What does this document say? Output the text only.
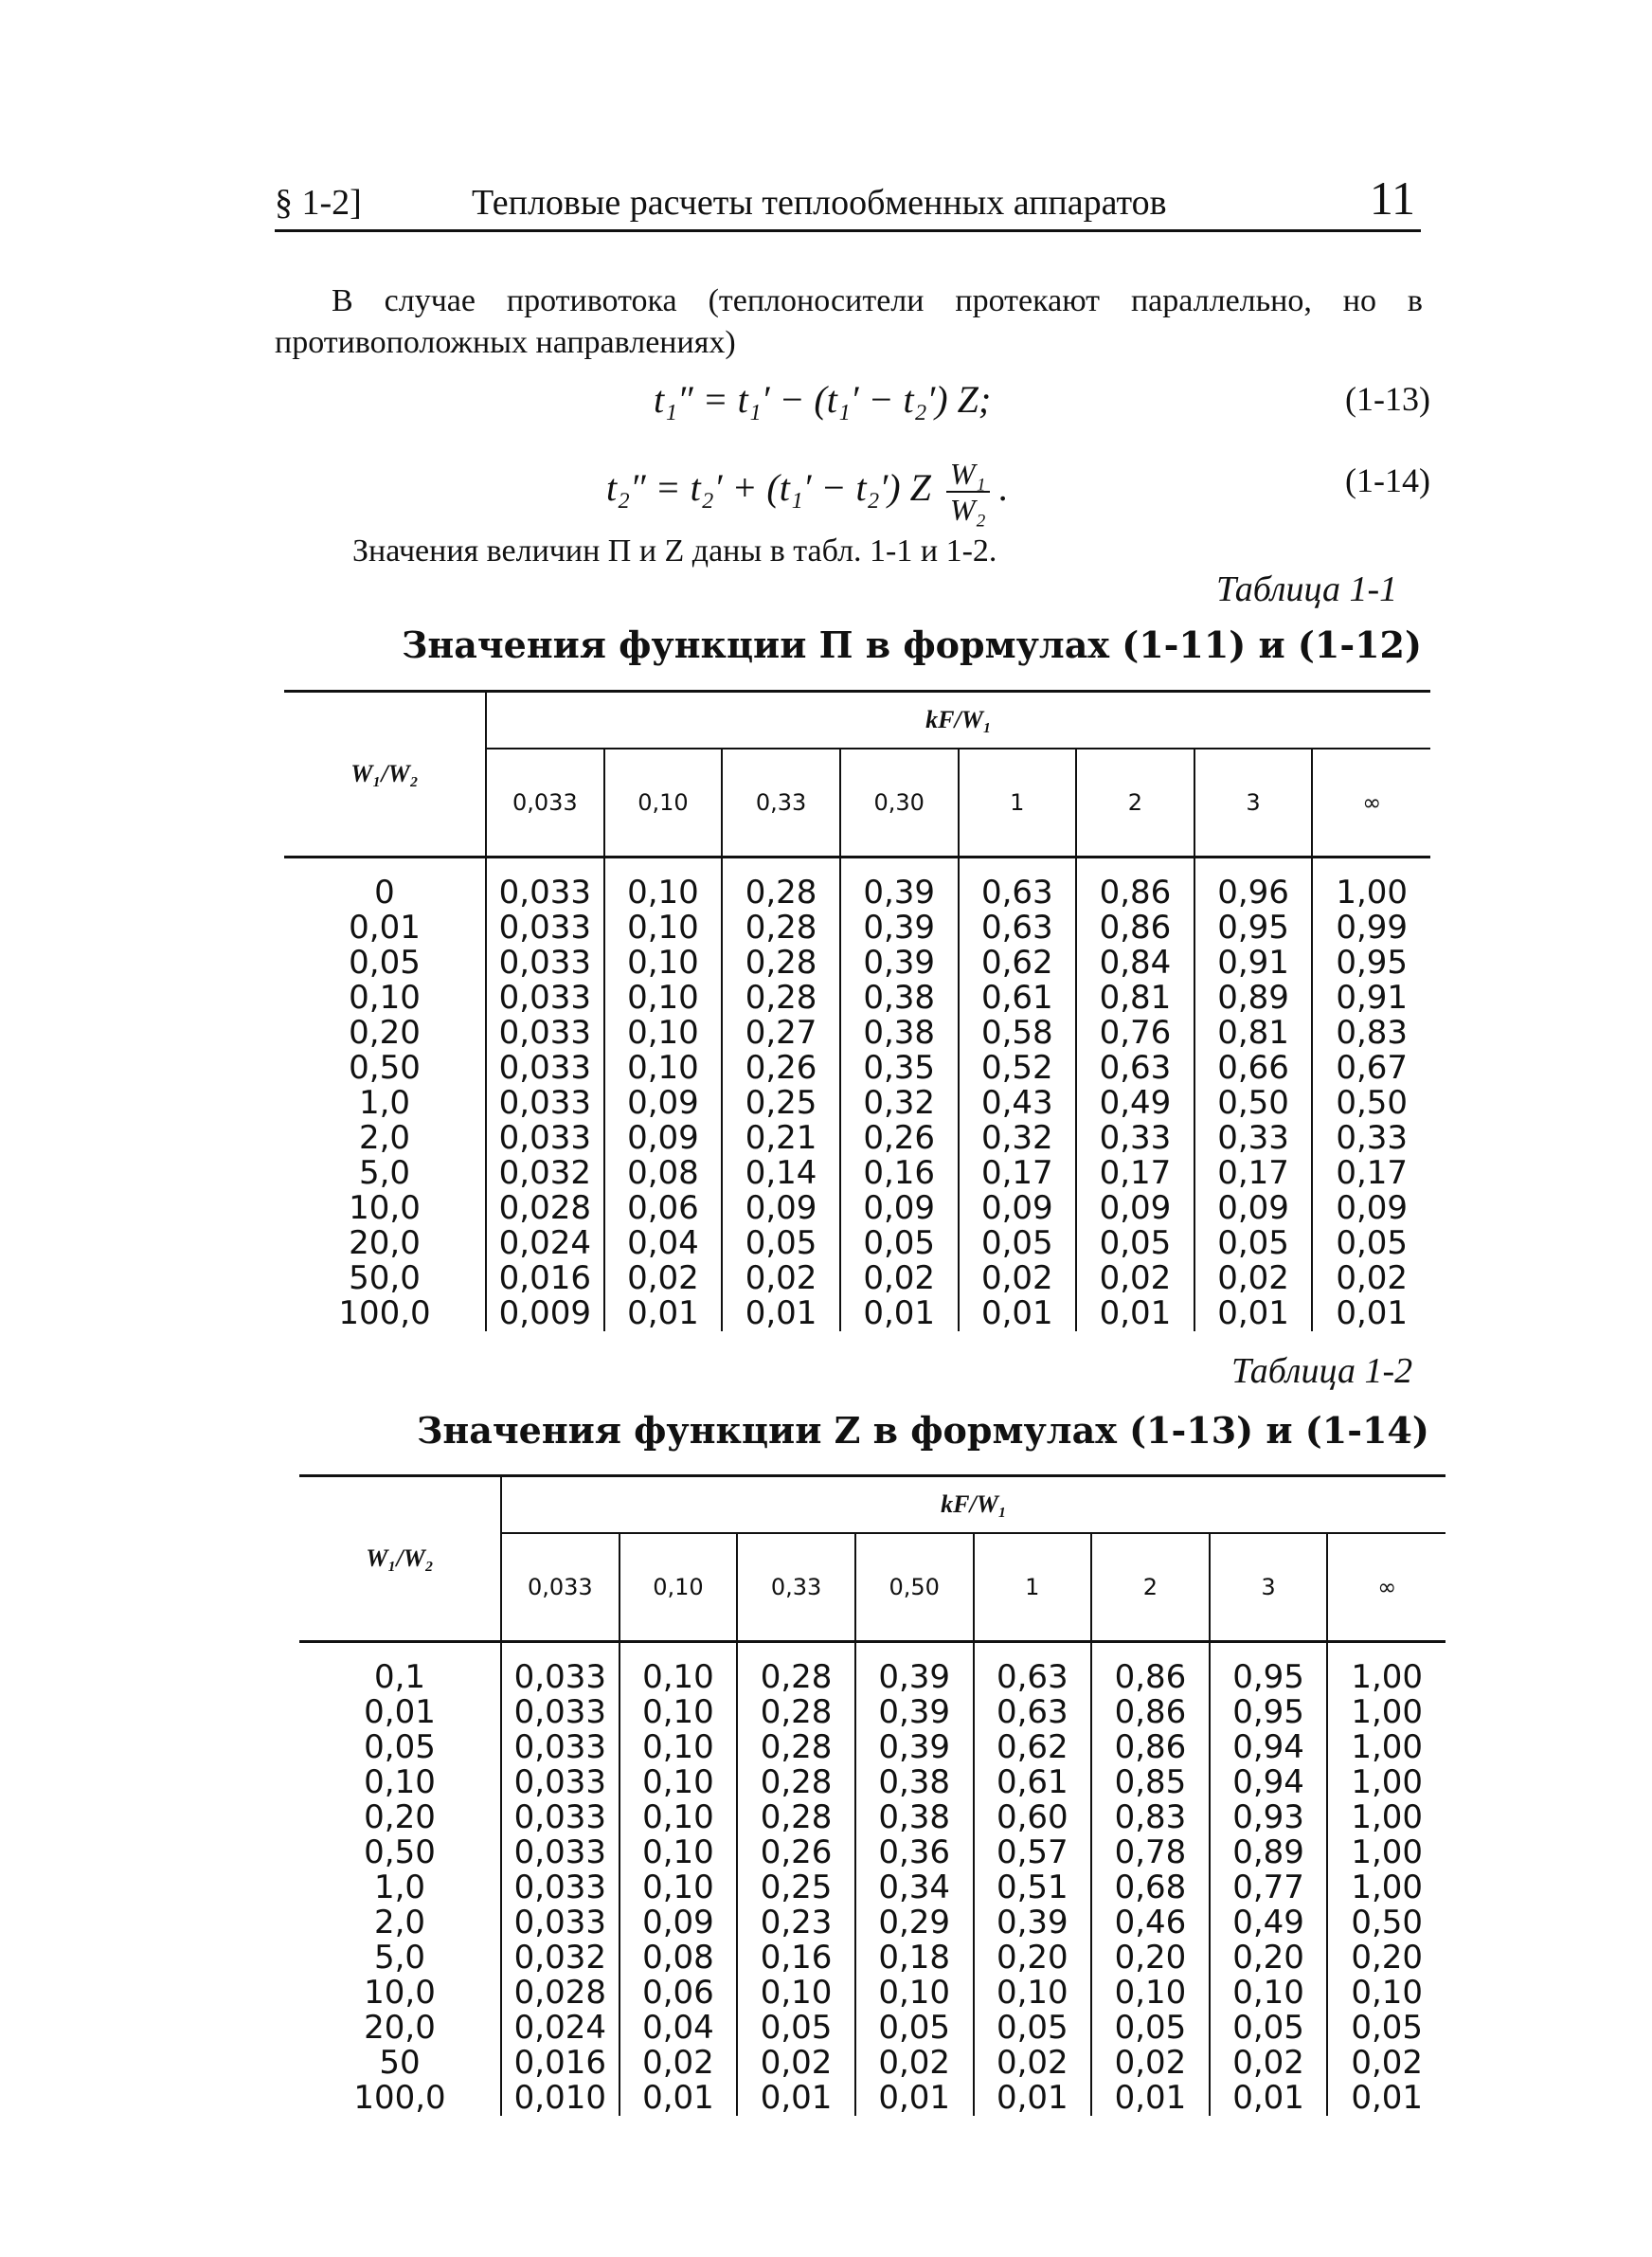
§ 1-2]	Тепловые расчеты теплообменных аппаратов	11
В случае противотока (теплоносители протекают параллельно, но в противоположных направлениях)
t₁″ = t₁′ − (t₁′ − t₂′) Z;	(1-13)
t₂″ = t₂′ + (t₁′ − t₂′) Z $\frac{\text{W₁}}{\text{W₂}}$ .	(1-14)
Значения величин П и Z даны в табл. 1-1 и 1-2.
Таблица 1-1
Значения функции П в формулах (1-11) и (1-12)
W₁/W₂	kF/W₁							
	0,033	0,10	0,33	0,30	1	2	3	∞
0	0,033	0,10	0,28	0,39	0,63	0,86	0,96	1,00
0,01	0,033	0,10	0,28	0,39	0,63	0,86	0,95	0,99
0,05	0,033	0,10	0,28	0,39	0,62	0,84	0,91	0,95
0,10	0,033	0,10	0,28	0,38	0,61	0,81	0,89	0,91
0,20	0,033	0,10	0,27	0,38	0,58	0,76	0,81	0,83
0,50	0,033	0,10	0,26	0,35	0,52	0,63	0,66	0,67
1,0	0,033	0,09	0,25	0,32	0,43	0,49	0,50	0,50
2,0	0,033	0,09	0,21	0,26	0,32	0,33	0,33	0,33
5,0	0,032	0,08	0,14	0,16	0,17	0,17	0,17	0,17
10,0	0,028	0,06	0,09	0,09	0,09	0,09	0,09	0,09
20,0	0,024	0,04	0,05	0,05	0,05	0,05	0,05	0,05
50,0	0,016	0,02	0,02	0,02	0,02	0,02	0,02	0,02
100,0	0,009	0,01	0,01	0,01	0,01	0,01	0,01	0,01
Таблица 1-2
Значения функции Z в формулах (1-13) и (1-14)
W₁/W₂	kF/W₁							
	0,033	0,10	0,33	0,50	1	2	3	∞
0,1	0,033	0,10	0,28	0,39	0,63	0,86	0,95	1,00
0,01	0,033	0,10	0,28	0,39	0,63	0,86	0,95	1,00
0,05	0,033	0,10	0,28	0,39	0,62	0,86	0,94	1,00
0,10	0,033	0,10	0,28	0,38	0,61	0,85	0,94	1,00
0,20	0,033	0,10	0,28	0,38	0,60	0,83	0,93	1,00
0,50	0,033	0,10	0,26	0,36	0,57	0,78	0,89	1,00
1,0	0,033	0,10	0,25	0,34	0,51	0,68	0,77	1,00
2,0	0,033	0,09	0,23	0,29	0,39	0,46	0,49	0,50
5,0	0,032	0,08	0,16	0,18	0,20	0,20	0,20	0,20
10,0	0,028	0,06	0,10	0,10	0,10	0,10	0,10	0,10
20,0	0,024	0,04	0,05	0,05	0,05	0,05	0,05	0,05
50	0,016	0,02	0,02	0,02	0,02	0,02	0,02	0,02
100,0	0,010	0,01	0,01	0,01	0,01	0,01	0,01	0,01
